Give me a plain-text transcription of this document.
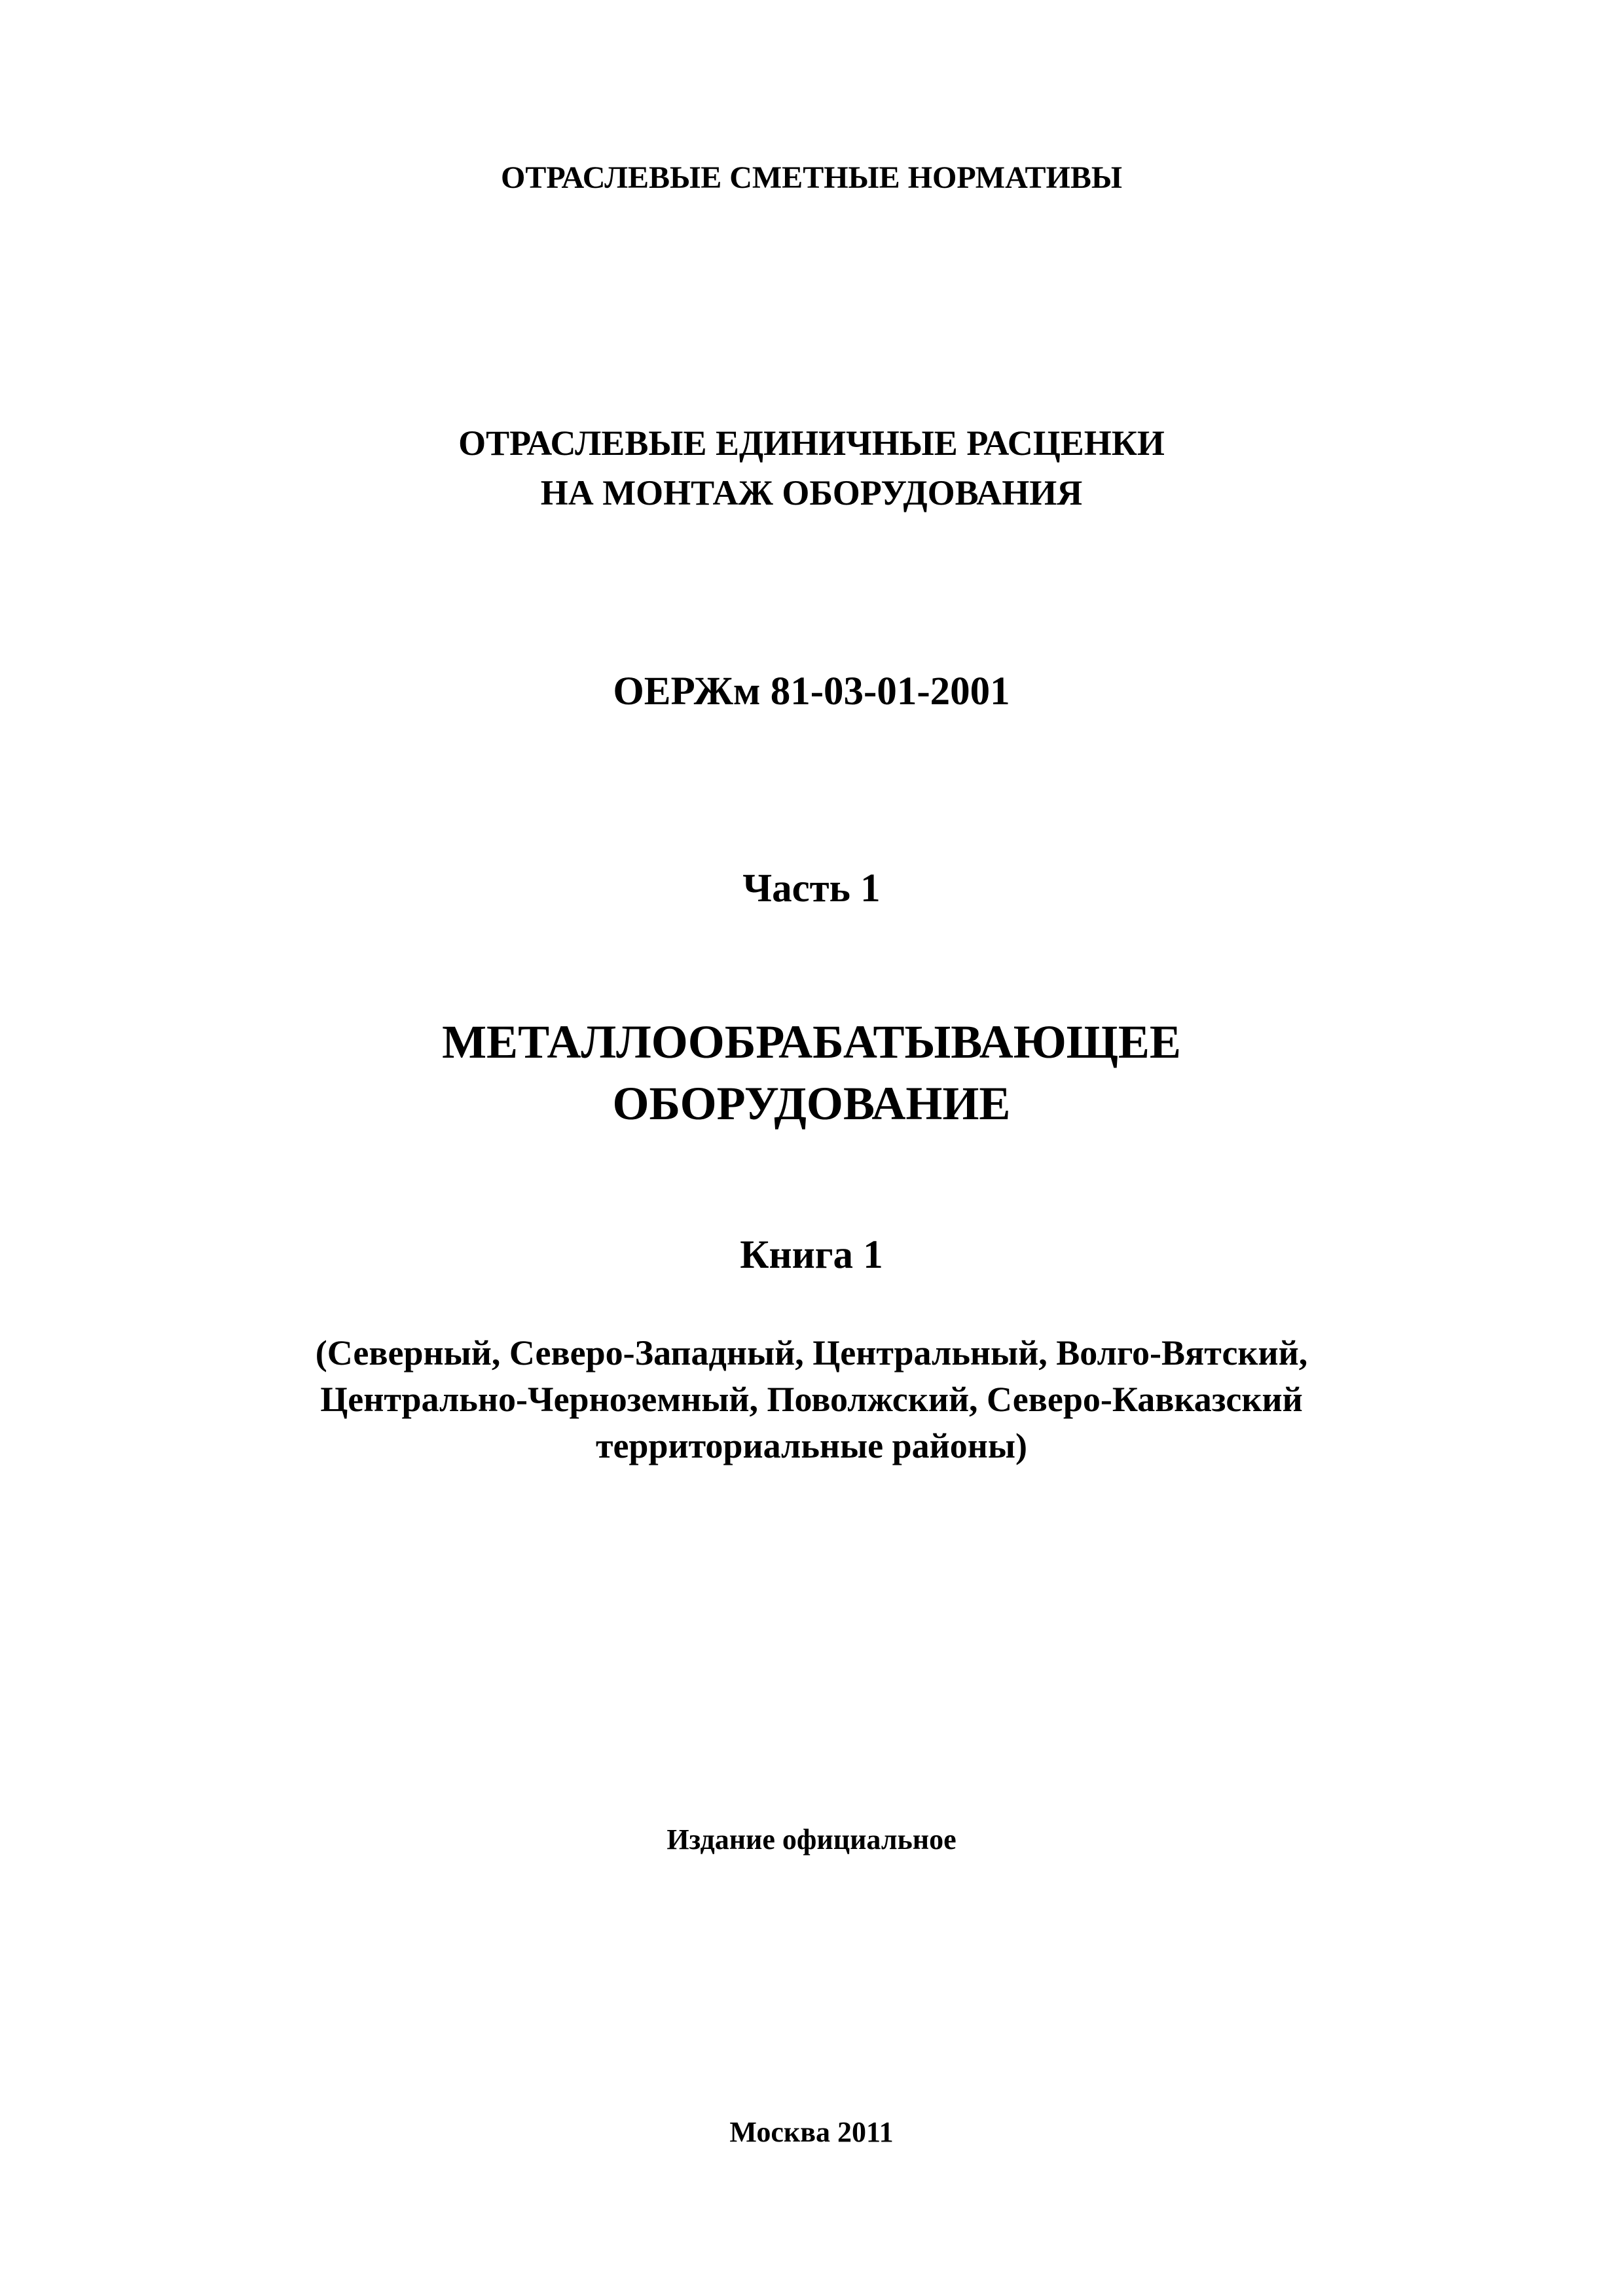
ОТРАСЛЕВЫЕ СМЕТНЫЕ НОРМАТИВЫ
ОТРАСЛЕВЫЕ ЕДИНИЧНЫЕ РАСЦЕНКИ
НА МОНТАЖ ОБОРУДОВАНИЯ
ОЕРЖм 81-03-01-2001
Часть 1
МЕТАЛЛООБРАБАТЫВАЮЩЕЕ
ОБОРУДОВАНИЕ
Книга 1
(Северный, Северо-Западный, Центральный, Волго-Вятский,
Центрально-Черноземный, Поволжский, Северо-Кавказский
территориальные районы)
Издание официальное
Москва 2011
